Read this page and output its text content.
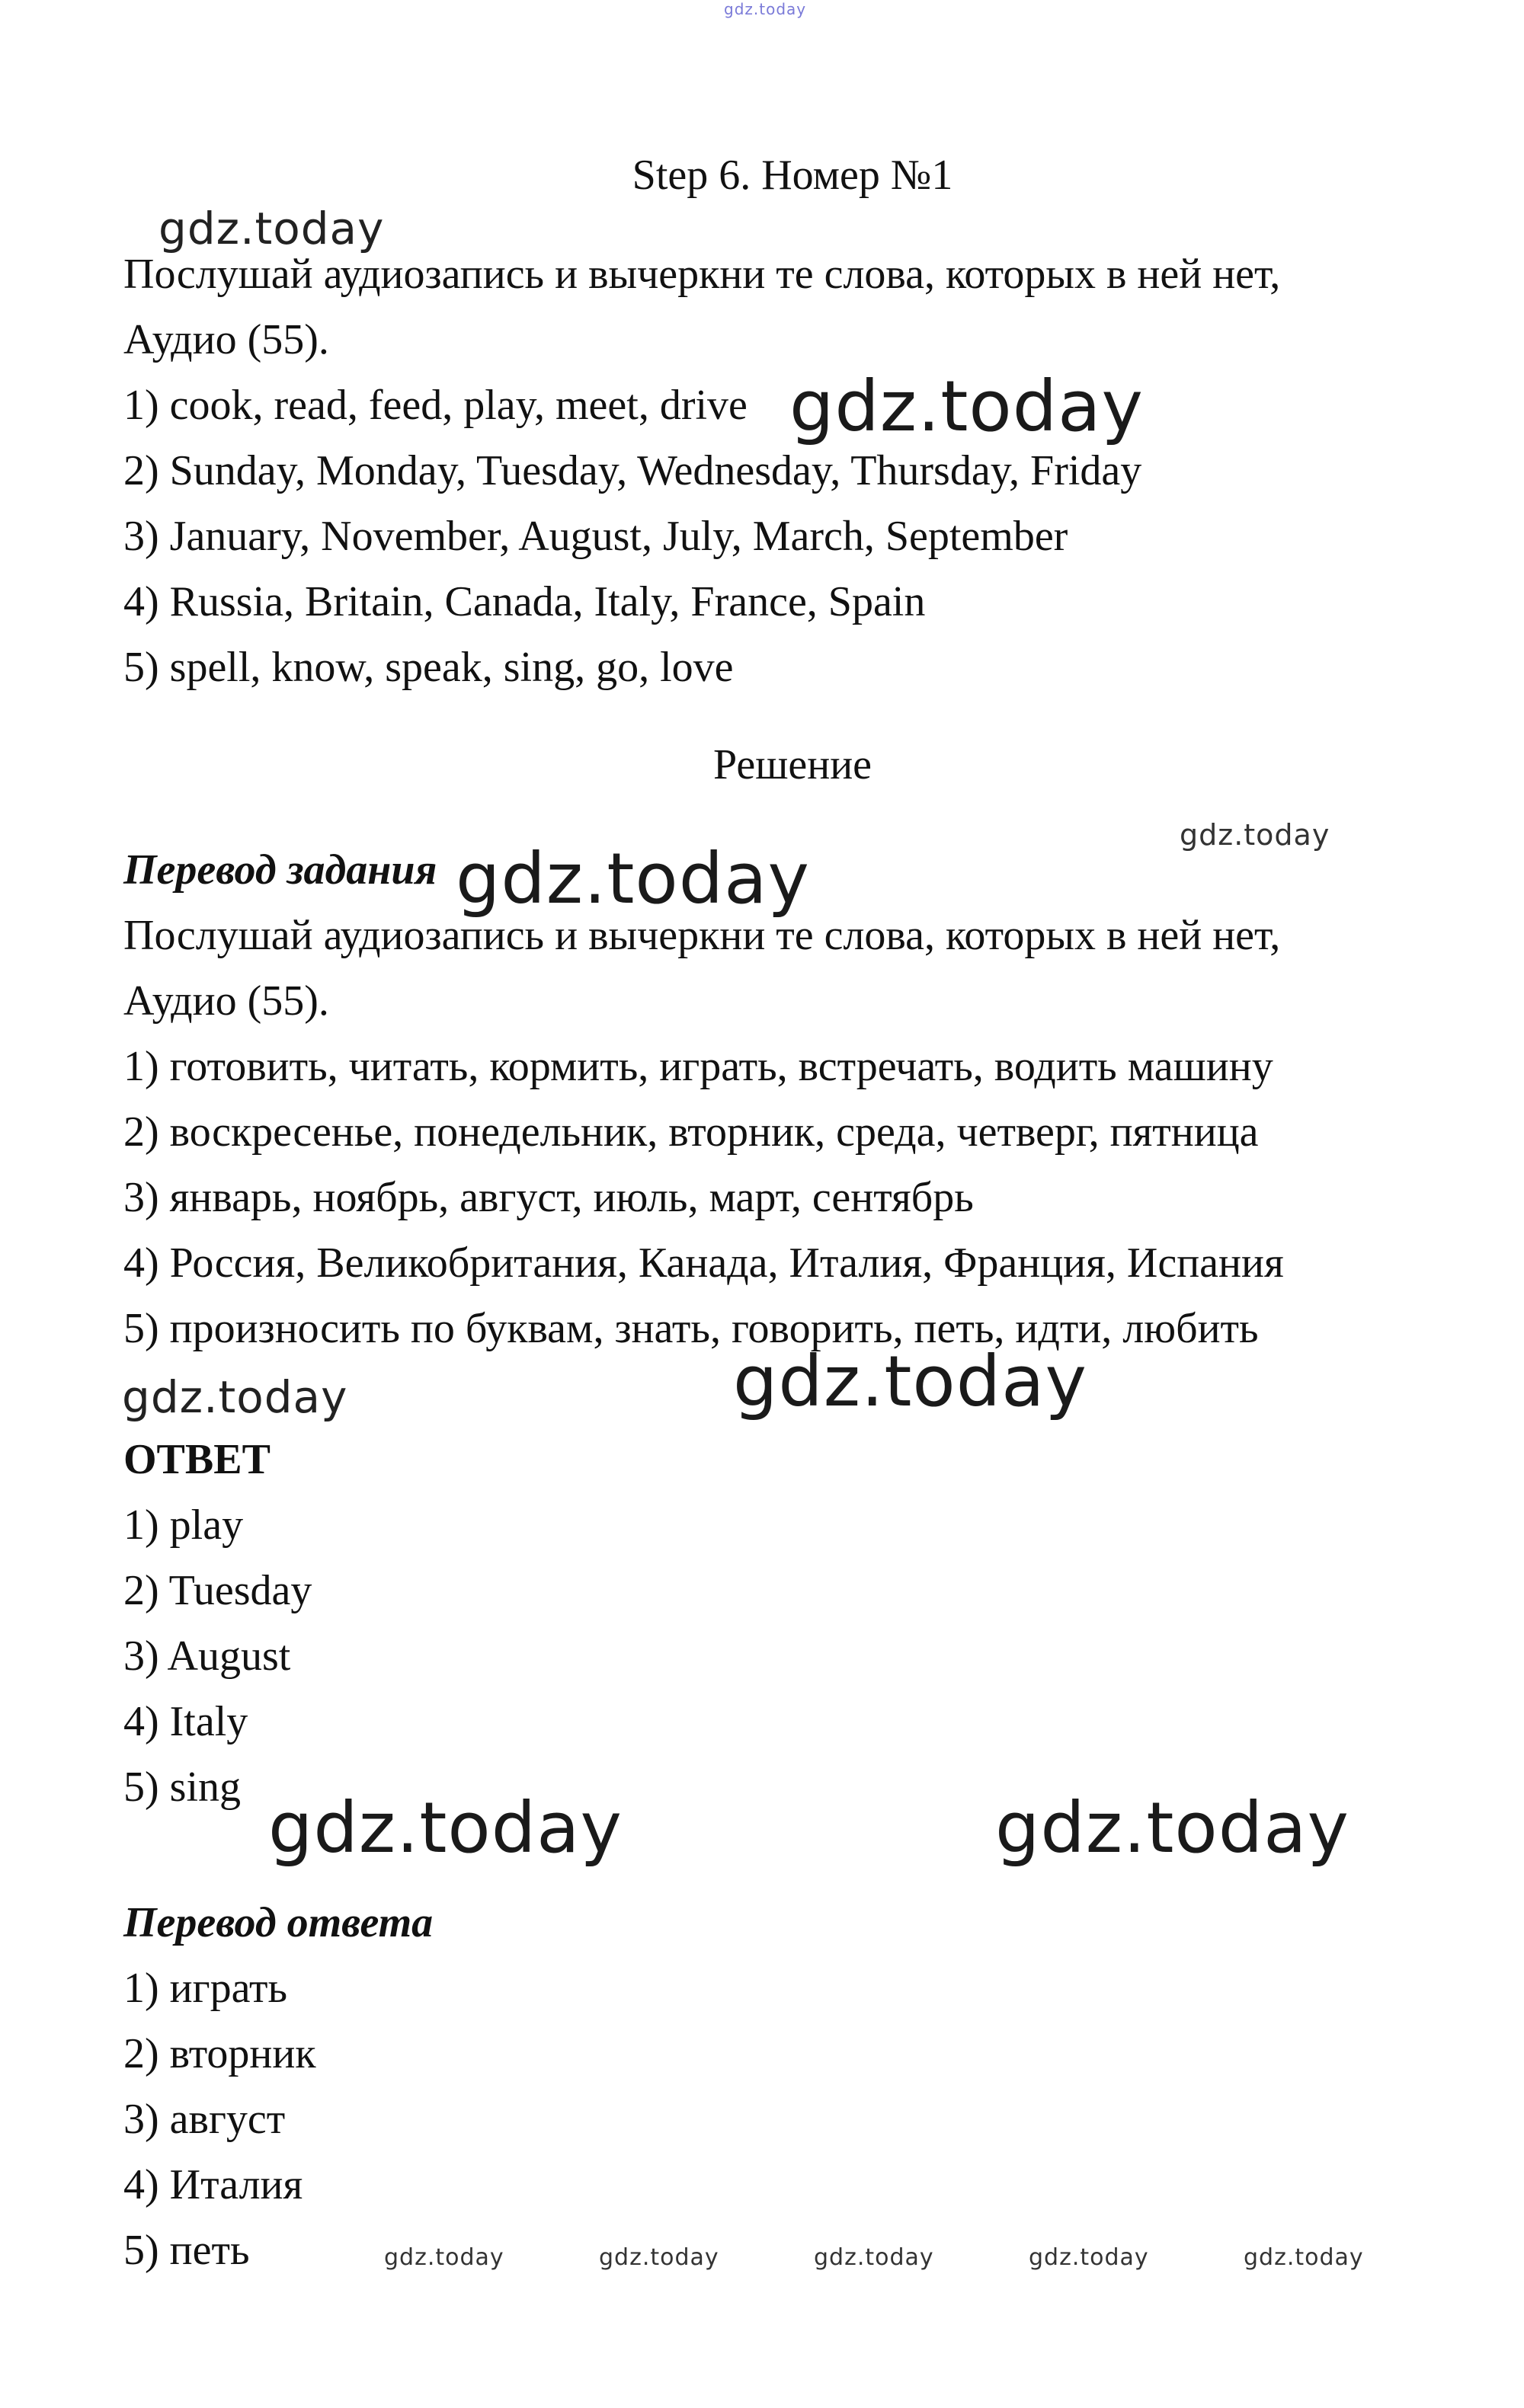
gdz.today
Step 6. Номер №1
gdz.today
Послушай аудиозапись и вычеркни те слова, которых в ней нет,
Аудио (55).
1) cook, read, feed, play, meet, drive gdz.today
2) Sunday, Monday, Tuesday, Wednesday, Thursday, Friday
3) January, November, August, July, March, September
4) Russia, Britain, Canada, Italy, France, Spain
5) spell, know, speak, sing, go, love
Решение
gdz.today
Перевод задания gdz.today
Послушай аудиозапись и вычеркни те слова, которых в ней нет,
Аудио (55).
1) готовить, читать, кормить, играть, встречать, водить машину
2) воскресенье, понедельник, вторник, среда, четверг, пятница
3) январь, ноябрь, август, июль, март, сентябрь
4) Россия, Великобритания, Канада, Италия, Франция, Испания
5) произносить по буквам, знать, говорить, петь, идти, любить
gdz.today	gdz.today
ОТВЕТ
1) play
2) Tuesday
3) August
4) Italy
5) sing gdz.today	gdz.today
Перевод ответа
1) играть
2) вторник
3) август
4) Италия
5) петь	gdz.today	gdz.today	gdz.today	gdz.today	gdz.today
